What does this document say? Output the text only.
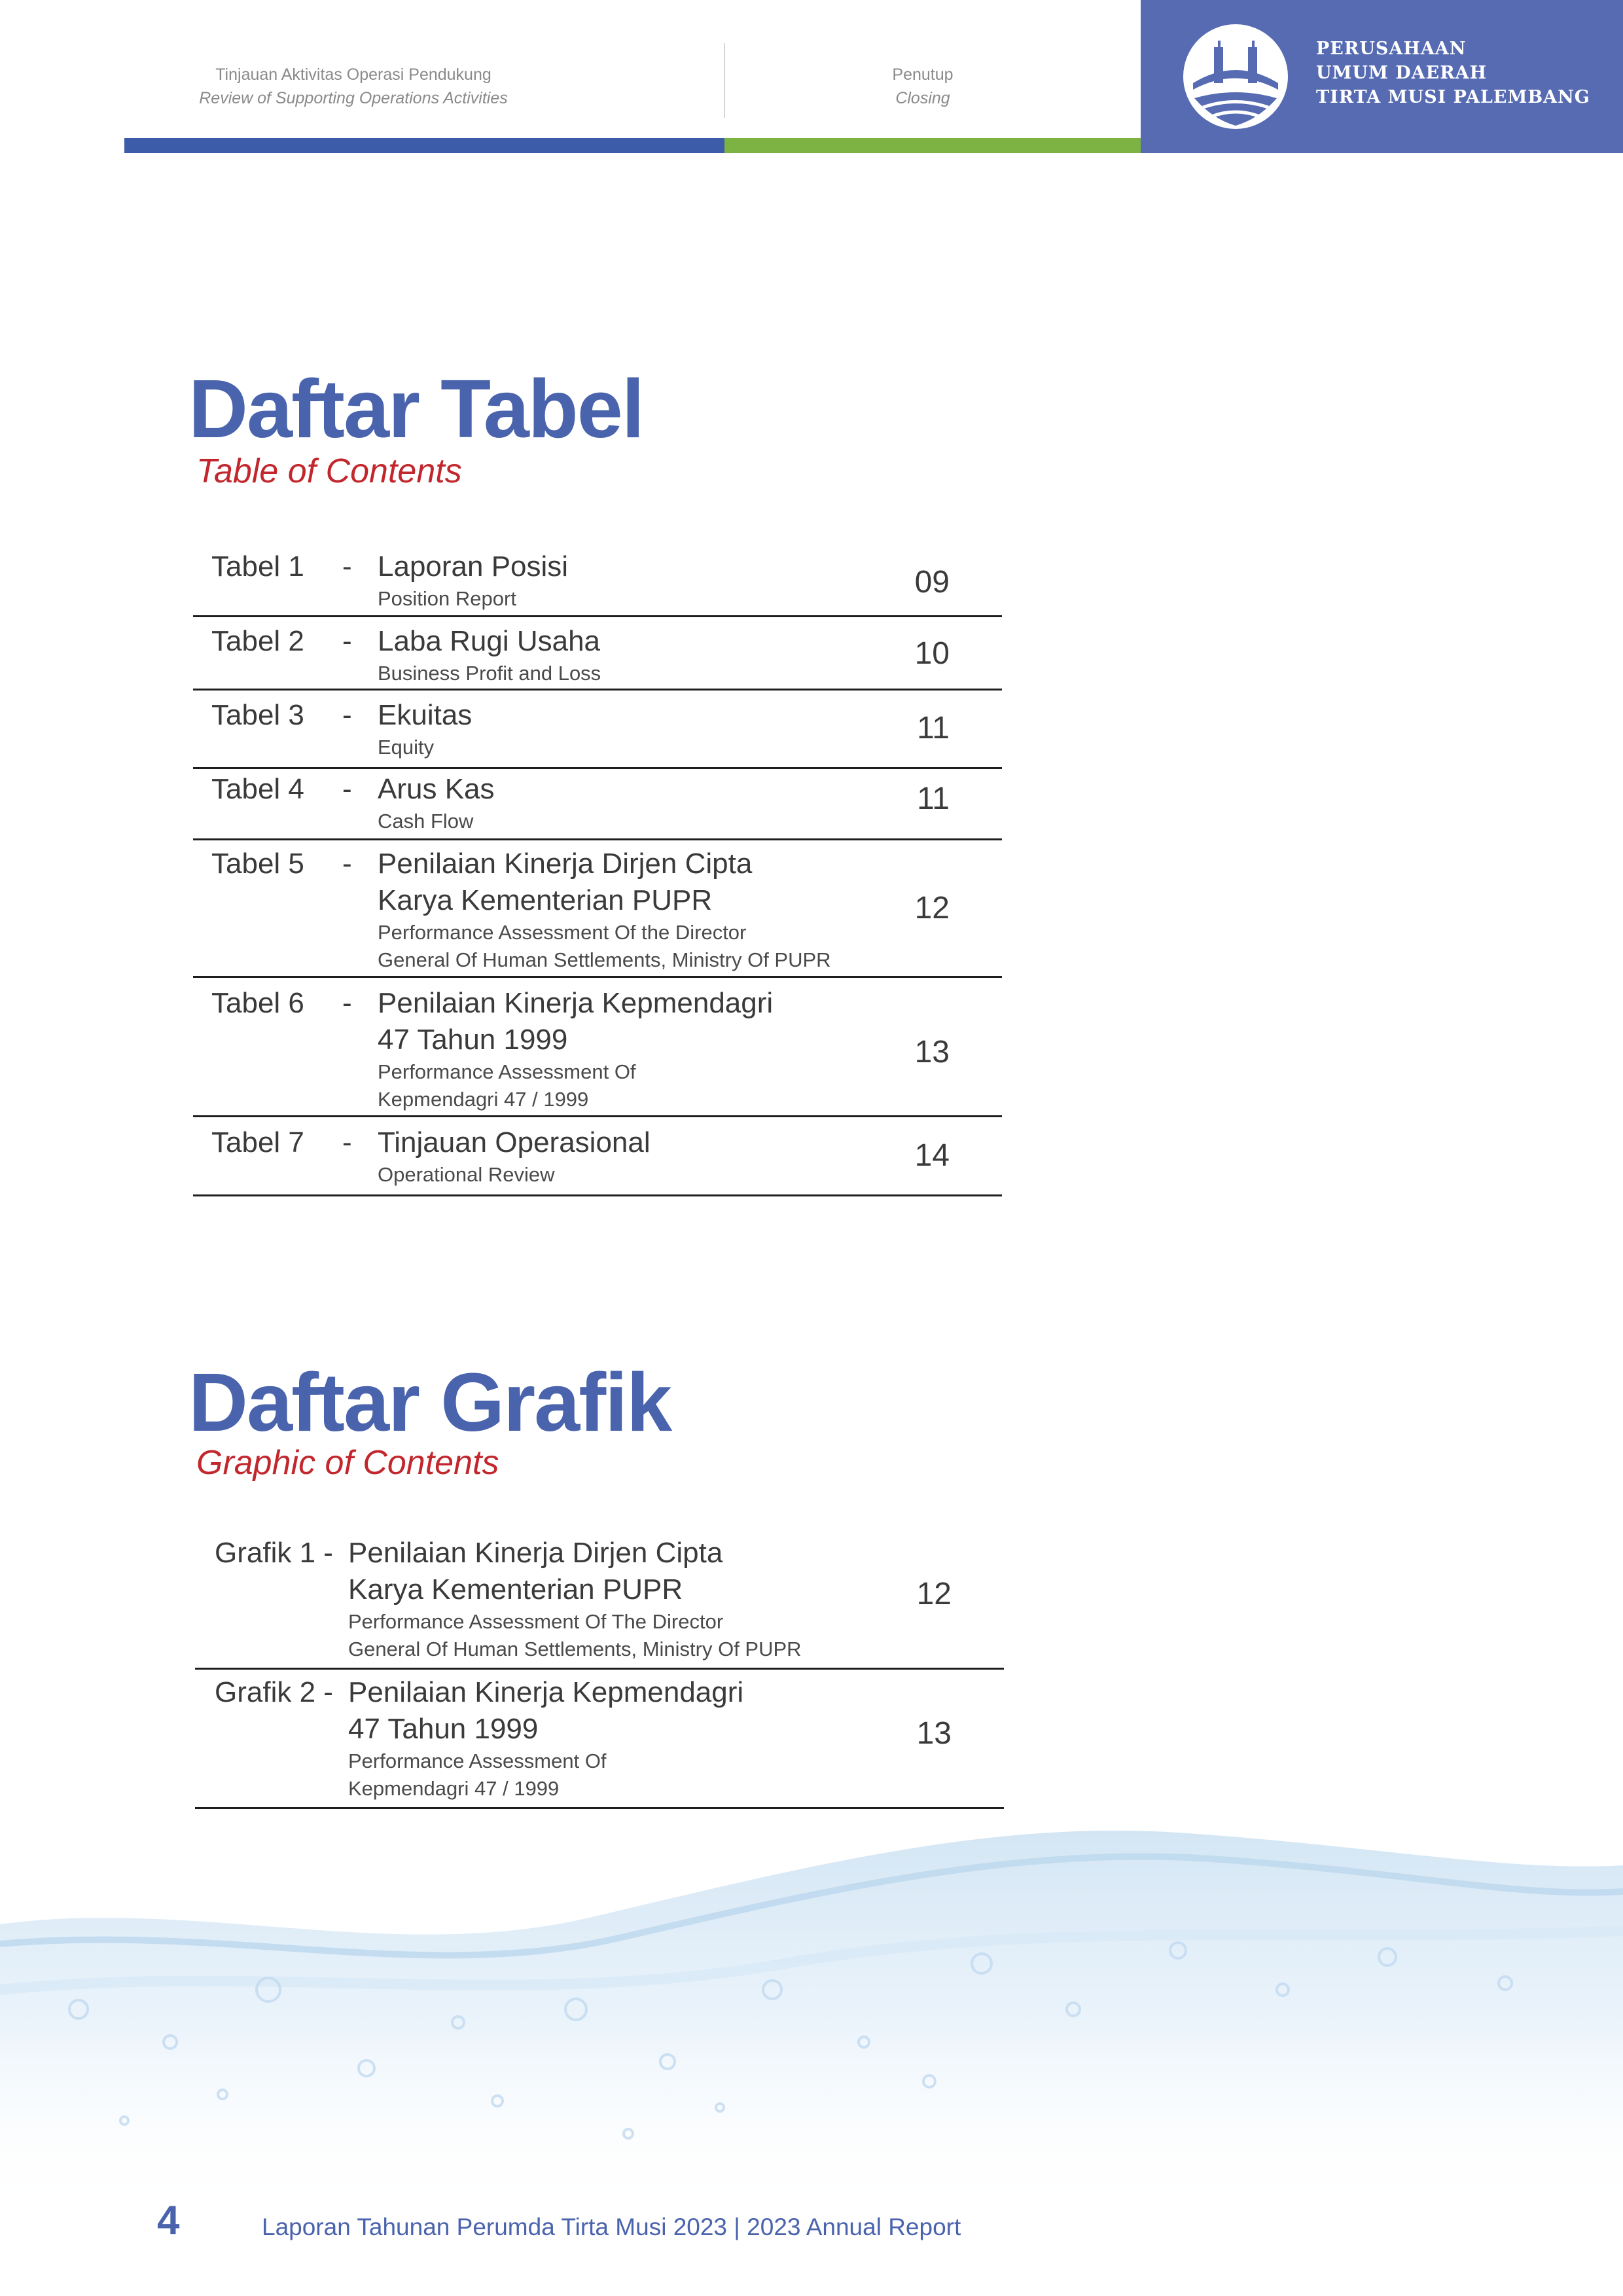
Tinjauan Aktivitas Operasi Pendukung
Review of Supporting Operations Activities
Penutup
Closing
PERUSAHAAN
UMUM DAERAH
TIRTA MUSI PALEMBANG
Daftar Tabel
Table of Contents
Tabel 1 - Laporan Posisi
Position Report	09
Tabel 2 - Laba Rugi Usaha
Business Profit and Loss
10
Tabel 3 - Ekuitas
Equity
11
Tabel 4 - Arus Kas
Cash Flow
11
Tabel 5 - Penilaian Kinerja Dirjen Cipta
Karya Kementerian PUPR
Performance Assessment Of the Director
General Of Human Settlements, Ministry Of PUPR
12
Tabel 6 - Penilaian Kinerja Kepmendagri
47 Tahun 1999
Performance Assessment Of
Kepmendagri 47 / 1999
13
Tabel 7 - Tinjauan Operasional
Operational Review
14
Daftar Grafik
Graphic of Contents
Grafik 1 - Penilaian Kinerja Dirjen Cipta
Karya Kementerian PUPR
Performance Assessment Of The Director
General Of Human Settlements, Ministry Of PUPR
12
Grafik 2 - Penilaian Kinerja Kepmendagri
47 Tahun 1999
Performance Assessment Of
Kepmendagri 47 / 1999
13
4	Laporan Tahunan Perumda Tirta Musi 2023 | 2023 Annual Report
